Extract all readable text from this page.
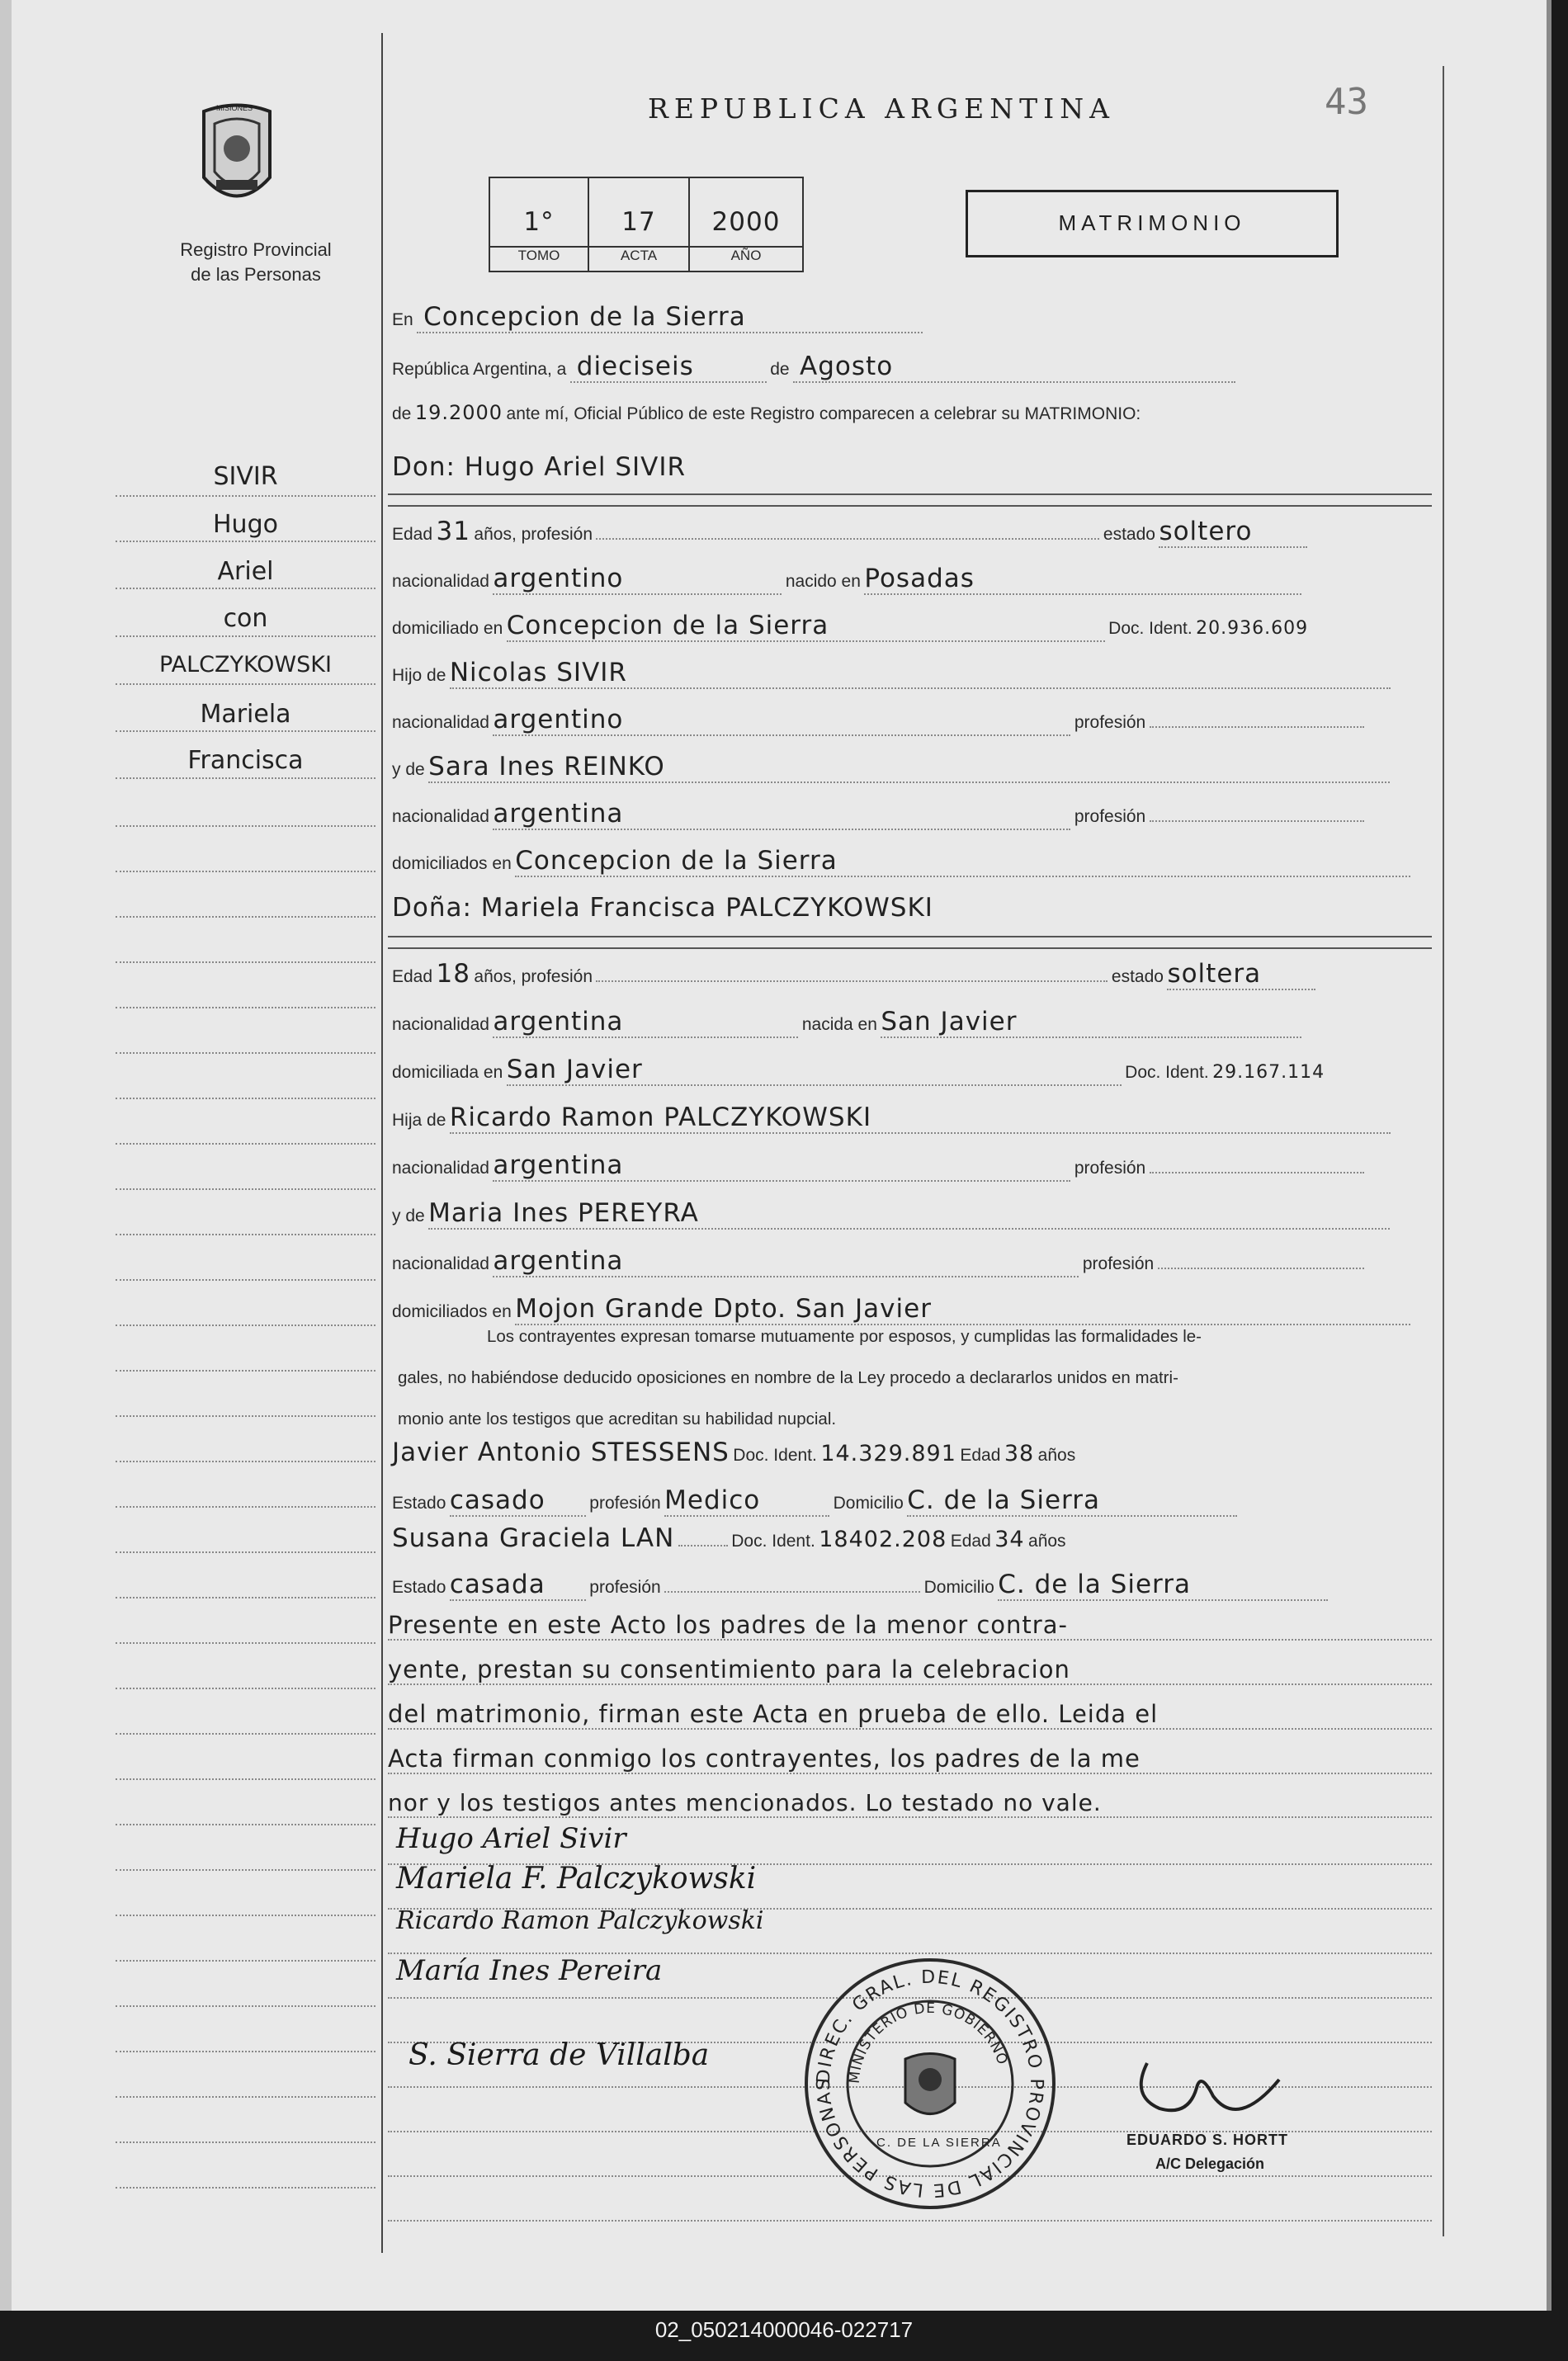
MISIONES
Registro Provincial
de las Personas
REPUBLICA ARGENTINA	43
1°
TOMO
17
ACTA
2000
AÑO
MATRIMONIO
SIVIR
Hugo
Ariel
con
PALCZYKOWSKI
Mariela
Francisca
En Concepcion de la Sierra
República Argentina, a dieciseis	de Agosto
de 19.2000 ante mí, Oficial Público de este Registro comparecen a celebrar su MATRIMONIO:
Don: Hugo Ariel SIVIR
Edad 31 años, profesión	estado soltero
nacionalidad argentino	nacido en Posadas
domiciliado en Concepcion de la Sierra	Doc. Ident. 20.936.609
Hijo de Nicolas SIVIR
nacionalidad argentino	profesión
y de Sara Ines REINKO
nacionalidad argentina	profesión
domiciliados en Concepcion de la Sierra
Doña: Mariela Francisca PALCZYKOWSKI
Edad 18 años, profesión	estado soltera
nacionalidad argentina	nacida en San Javier
domiciliada en San Javier	Doc. Ident. 29.167.114
Hija de Ricardo Ramon PALCZYKOWSKI
nacionalidad argentina	profesión
y de Maria Ines PEREYRA
nacionalidad argentina	profesión
domiciliados en Mojon Grande Dpto. San Javier
Los contrayentes expresan tomarse mutuamente por esposos, y cumplidas las formalidades le-
gales, no habiéndose deducido oposiciones en nombre de la Ley procedo a declararlos unidos en matri-
monio ante los testigos que acreditan su habilidad nupcial.
Javier Antonio STESSENS Doc. Ident. 14.329.891 Edad 38 años
Estado casado	profesión Medico	Domicilio C. de la Sierra
Susana Graciela LAN	Doc. Ident. 18402.208 Edad 34 años
Estado casada	profesión	Domicilio C. de la Sierra
Presente en este Acto los padres de la menor contra-
yente, prestan su consentimiento para la celebracion
del matrimonio, firman este Acta en prueba de ello. Leida el
Acta firman conmigo los contrayentes, los padres de la me
nor y los testigos antes mencionados. Lo testado no vale.
Hugo Ariel Sivir
Mariela F. Palczykowski
Ricardo Ramon Palczykowski
María Ines Pereira
S. Sierra de Villalba
DIREC. GRAL. DEL REGISTRO PROVINCIAL DE LAS PERSONAS MINISTERIO DE GOBIERNO
C. DE LA SIERRA	EDUARDO S. HORTT
A/C Delegación
02_050214000046-022717
